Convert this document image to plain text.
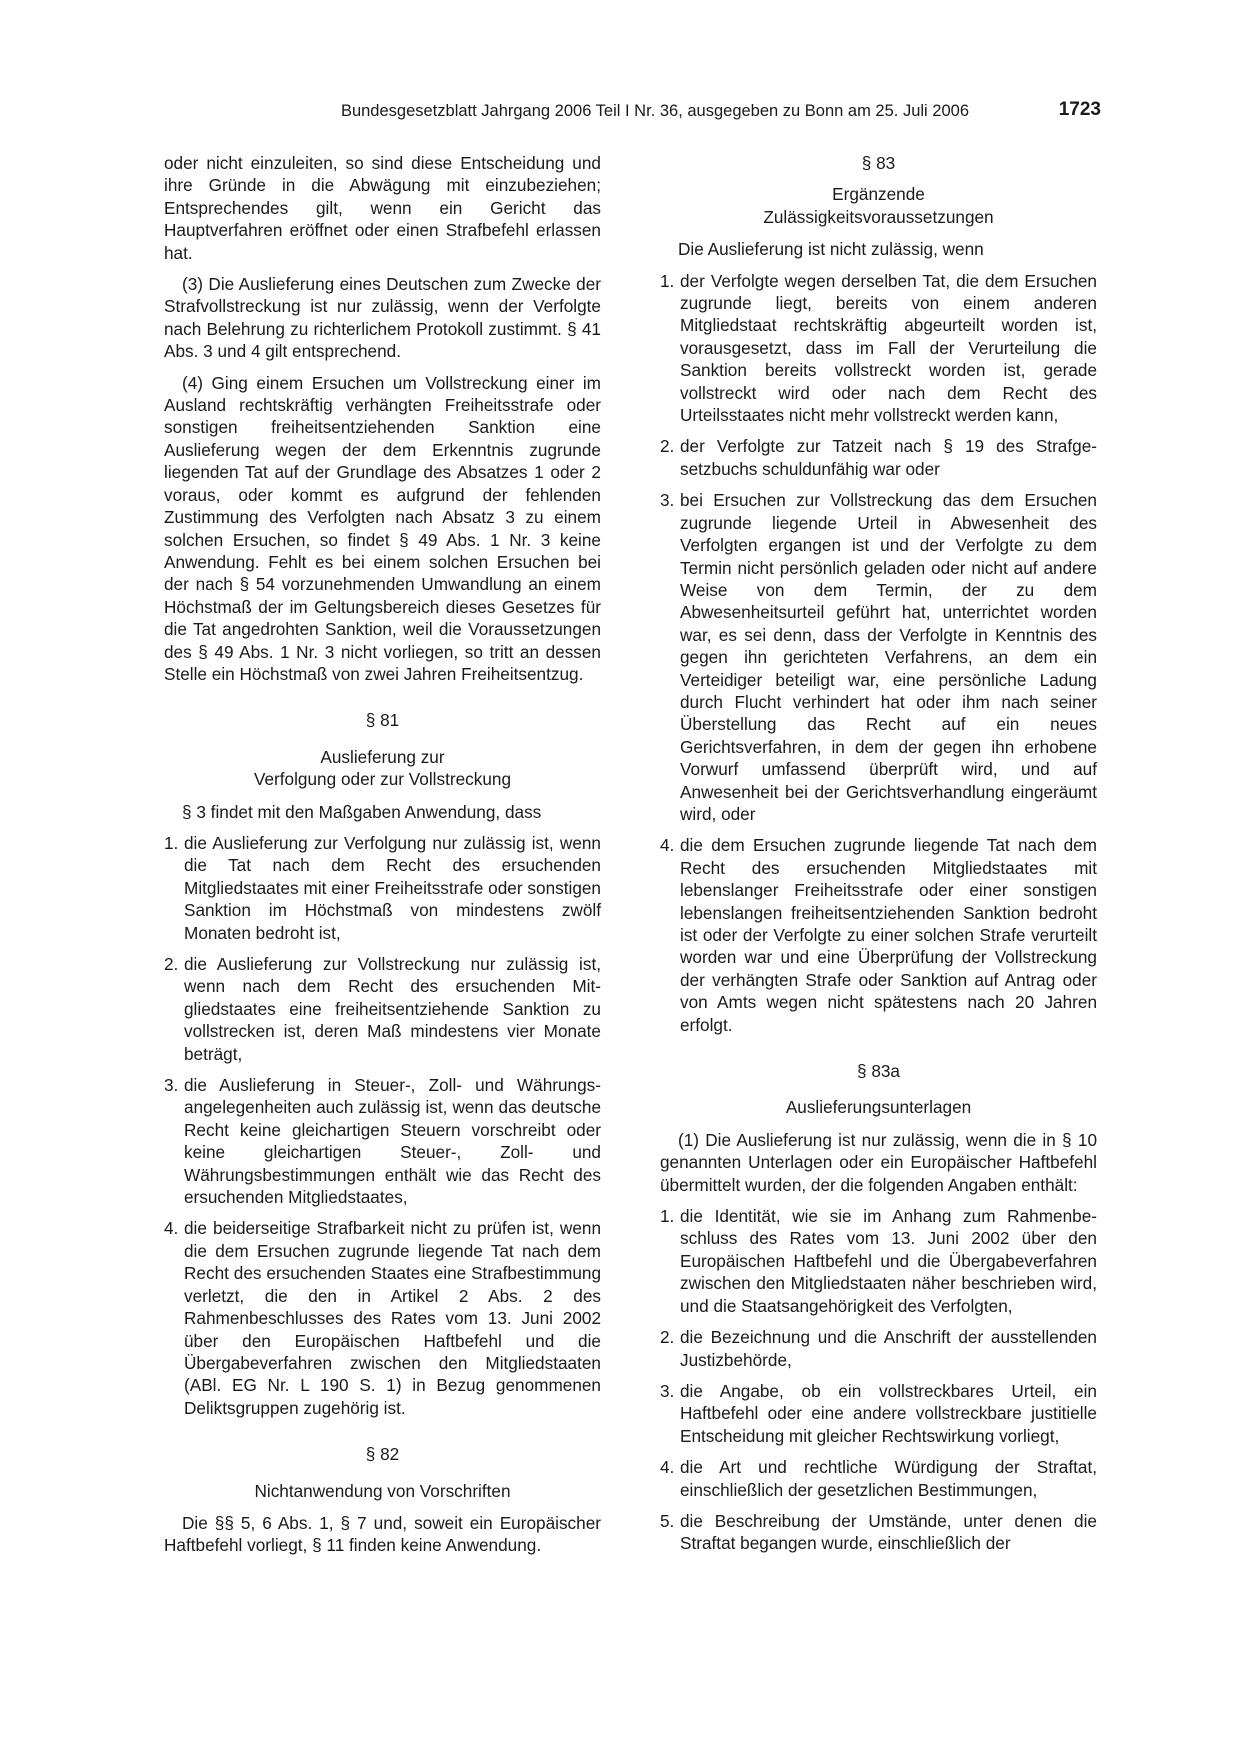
Bundesgesetzblatt Jahrgang 2006 Teil I Nr. 36, ausgegeben zu Bonn am 25. Juli 2006	1723

oder nicht einzuleiten, so sind diese Entscheidung und ihre Gründe in die Abwägung mit einzubeziehen; Entsprechendes gilt, wenn ein Gericht das Hauptverfahren eröffnet oder einen Strafbefehl erlassen hat.

(3) Die Auslieferung eines Deutschen zum Zwecke der Strafvollstreckung ist nur zulässig, wenn der Verfolgte nach Belehrung zu richterlichem Protokoll zustimmt. § 41 Abs. 3 und 4 gilt entsprechend.

(4) Ging einem Ersuchen um Vollstreckung einer im Ausland rechtskräftig verhängten Freiheitsstrafe oder sonstigen freiheitsentziehenden Sanktion eine Auslieferung wegen der dem Erkenntnis zugrunde liegenden Tat auf der Grundlage des Absatzes 1 oder 2 voraus, oder kommt es aufgrund der fehlenden Zustimmung des Verfolgten nach Absatz 3 zu einem solchen Ersuchen, so findet § 49 Abs. 1 Nr. 3 keine Anwendung. Fehlt es bei einem solchen Ersuchen bei der nach § 54 vorzunehmenden Umwandlung an einem Höchstmaß der im Geltungsbereich dieses Gesetzes für die Tat angedrohten Sanktion, weil die Voraussetzungen des § 49 Abs. 1 Nr. 3 nicht vorliegen, so tritt an dessen Stelle ein Höchstmaß von zwei Jahren Freiheitsentzug.

§ 81

Auslieferung zur

Verfolgung oder zur Vollstreckung

§ 3 findet mit den Maßgaben Anwendung, dass

1. die Auslieferung zur Verfolgung nur zulässig ist, wenn die Tat nach dem Recht des ersuchenden Mitgliedstaates mit einer Freiheitsstrafe oder sonstigen Sanktion im Höchstmaß von mindestens zwölf Monaten bedroht ist,
2. die Auslieferung zur Vollstreckung nur zulässig ist, wenn nach dem Recht des ersuchenden Mitgliedstaates eine freiheitsentziehende Sanktion zu vollstrecken ist, deren Maß mindestens vier Monate beträgt,
3. die Auslieferung in Steuer-, Zoll- und Währungsangelegenheiten auch zulässig ist, wenn das deutsche Recht keine gleichartigen Steuern vorschreibt oder keine gleichartigen Steuer-, Zoll- und Währungsbestimmungen enthält wie das Recht des ersuchenden Mitgliedstaates,
4. die beiderseitige Strafbarkeit nicht zu prüfen ist, wenn die dem Ersuchen zugrunde liegende Tat nach dem Recht des ersuchenden Staates eine Strafbestimmung verletzt, die den in Artikel 2 Abs. 2 des Rahmenbeschlusses des Rates vom 13. Juni 2002 über den Europäischen Haftbefehl und die Übergabeverfahren zwischen den Mitgliedstaaten (ABl. EG Nr. L 190 S. 1) in Bezug genommenen Deliktsgruppen zugehörig ist.

§ 82

Nichtanwendung von Vorschriften

Die §§ 5, 6 Abs. 1, § 7 und, soweit ein Europäischer Haftbefehl vorliegt, § 11 finden keine Anwendung.

§ 83

Ergänzende

Zulässigkeitsvoraussetzungen

Die Auslieferung ist nicht zulässig, wenn

1. der Verfolgte wegen derselben Tat, die dem Ersuchen zugrunde liegt, bereits von einem anderen Mitgliedstaat rechtskräftig abgeurteilt worden ist, vorausgesetzt, dass im Fall der Verurteilung die Sanktion bereits vollstreckt worden ist, gerade vollstreckt wird oder nach dem Recht des Urteilsstaates nicht mehr vollstreckt werden kann,
2. der Verfolgte zur Tatzeit nach § 19 des Strafgesetzbuchs schuldunfähig war oder
3. bei Ersuchen zur Vollstreckung das dem Ersuchen zugrunde liegende Urteil in Abwesenheit des Verfolgten ergangen ist und der Verfolgte zu dem Termin nicht persönlich geladen oder nicht auf andere Weise von dem Termin, der zu dem Abwesenheitsurteil geführt hat, unterrichtet worden war, es sei denn, dass der Verfolgte in Kenntnis des gegen ihn gerichteten Verfahrens, an dem ein Verteidiger beteiligt war, eine persönliche Ladung durch Flucht verhindert hat oder ihm nach seiner Überstellung das Recht auf ein neues Gerichtsverfahren, in dem der gegen ihn erhobene Vorwurf umfassend überprüft wird, und auf Anwesenheit bei der Gerichtsverhandlung eingeräumt wird, oder
4. die dem Ersuchen zugrunde liegende Tat nach dem Recht des ersuchenden Mitgliedstaates mit lebenslanger Freiheitsstrafe oder einer sonstigen lebenslangen freiheitsentziehenden Sanktion bedroht ist oder der Verfolgte zu einer solchen Strafe verurteilt worden war und eine Überprüfung der Vollstreckung der verhängten Strafe oder Sanktion auf Antrag oder von Amts wegen nicht spätestens nach 20 Jahren erfolgt.

§ 83a

Auslieferungsunterlagen

(1) Die Auslieferung ist nur zulässig, wenn die in § 10 genannten Unterlagen oder ein Europäischer Haftbefehl übermittelt wurden, der die folgenden Angaben enthält:

1. die Identität, wie sie im Anhang zum Rahmenbeschluss des Rates vom 13. Juni 2002 über den Europäischen Haftbefehl und die Übergabeverfahren zwischen den Mitgliedstaaten näher beschrieben wird, und die Staatsangehörigkeit des Verfolgten,
2. die Bezeichnung und die Anschrift der ausstellenden Justizbehörde,
3. die Angabe, ob ein vollstreckbares Urteil, ein Haftbefehl oder eine andere vollstreckbare justitielle Entscheidung mit gleicher Rechtswirkung vorliegt,
4. die Art und rechtliche Würdigung der Straftat, einschließlich der gesetzlichen Bestimmungen,
5. die Beschreibung der Umstände, unter denen die Straftat begangen wurde, einschließlich der
